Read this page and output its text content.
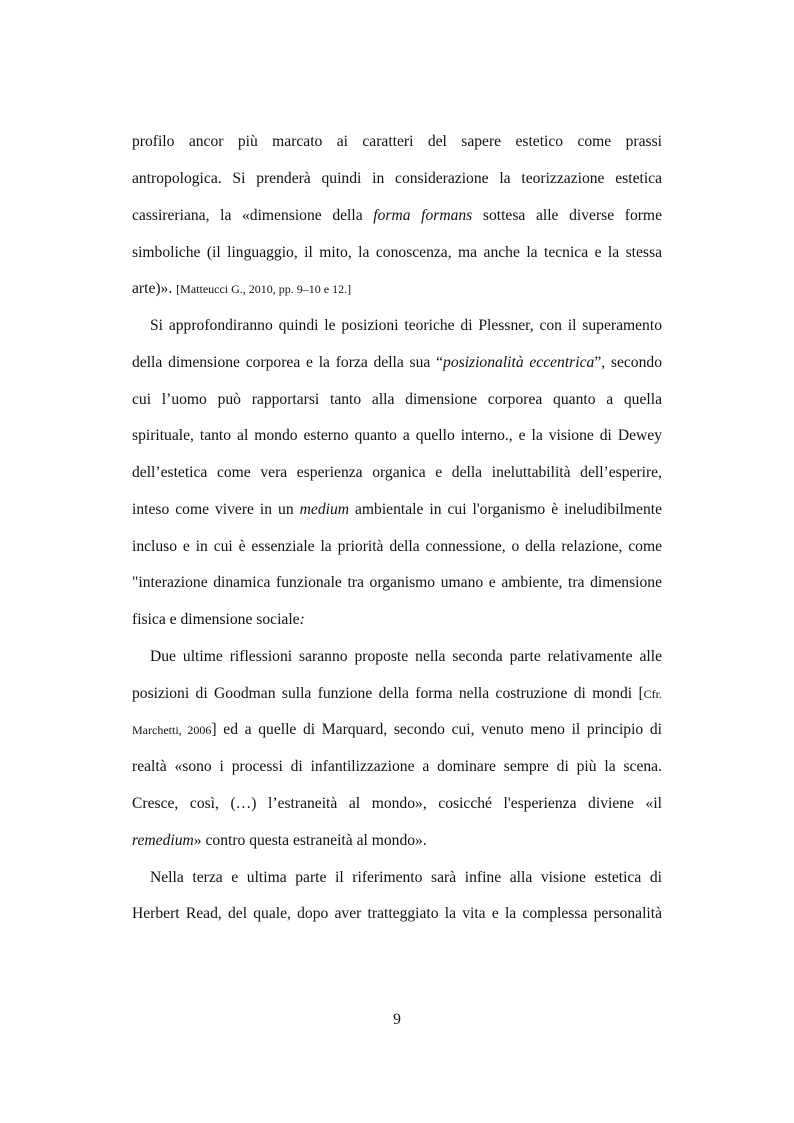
profilo ancor più marcato ai caratteri del sapere estetico come prassi
antropologica. Si prenderà quindi in considerazione la teorizzazione estetica
cassireriana, la «dimensione della forma formans sottesa alle diverse forme
simboliche (il linguaggio, il mito, la conoscenza, ma anche la tecnica e la stessa
arte)». [Matteucci G., 2010, pp. 9–10 e 12.]
Si approfondiranno quindi le posizioni teoriche di Plessner, con il superamento
della dimensione corporea e la forza della sua “posizionalità eccentrica”, secondo
cui l’uomo può rapportarsi tanto alla dimensione corporea quanto a quella
spirituale, tanto al mondo esterno quanto a quello interno., e la visione di Dewey
dell’estetica come vera esperienza organica e della ineluttabilità dell’esperire,
inteso come vivere in un medium ambientale in cui l'organismo è ineludibilmente
incluso e in cui è essenziale la priorità della connessione, o della relazione, come
"interazione dinamica funzionale tra organismo umano e ambiente, tra dimensione
fisica e dimensione sociale:
Due ultime riflessioni saranno proposte nella seconda parte relativamente alle
posizioni di Goodman sulla funzione della forma nella costruzione di mondi [Cfr.
Marchetti, 2006] ed a quelle di Marquard, secondo cui, venuto meno il principio di
realtà «sono i processi di infantilizzazione a dominare sempre di più la scena.
Cresce, così, (…) l’estraneità al mondo», cosicché l'esperienza diviene «il
remedium» contro questa estraneità al mondo».
Nella terza e ultima parte il riferimento sarà infine alla visione estetica di
Herbert Read, del quale, dopo aver tratteggiato la vita e la complessa personalità
9
